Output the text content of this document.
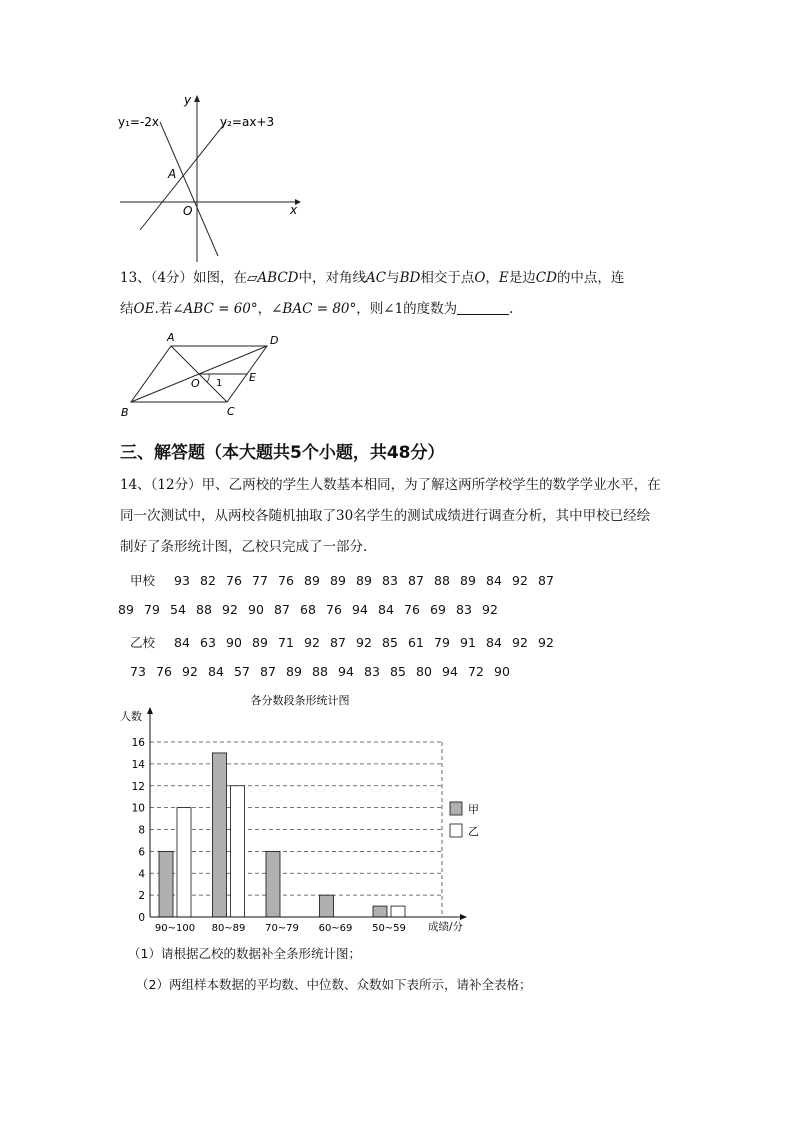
x
y
O
A
y₁=-2x	y₂=ax+3
13、（4分）如图，在▱ABCD中，对角线AC与BD相交于点O，E是边CD的中点，连
结OE.若∠ABC = 60°，∠BAC = 80°，则∠1的度数为	.
A	D
B	C
O	E
1
三、解答题（本大题共5个小题，共48分）
14、（12分）甲、乙两校的学生人数基本相同，为了解这两所学校学生的数学学业水平，在
同一次测试中，从两校各随机抽取了30名学生的测试成绩进行调查分析，其中甲校已经绘
制好了条形统计图，乙校只完成了一部分.
甲校 93 82 76 77 76 89 89 89 83 87 88 89 84 92 87
89 79 54 88 92 90 87 68 76 94 84 76 69 83 92
乙校 84 63 90 89 71 92 87 92 85 61 79 91 84 92 92
73 76 92 84 57 87 89 88 94 83 85 80 94 72 90
各分数段条形统计图
人数
成绩/分
0
2
4
6
8
10
12
14
16
90~100 80~89 70~79 60~69 50~59
甲
乙
（1）请根据乙校的数据补全条形统计图；
（2）两组样本数据的平均数、中位数、众数如下表所示，请补全表格；
